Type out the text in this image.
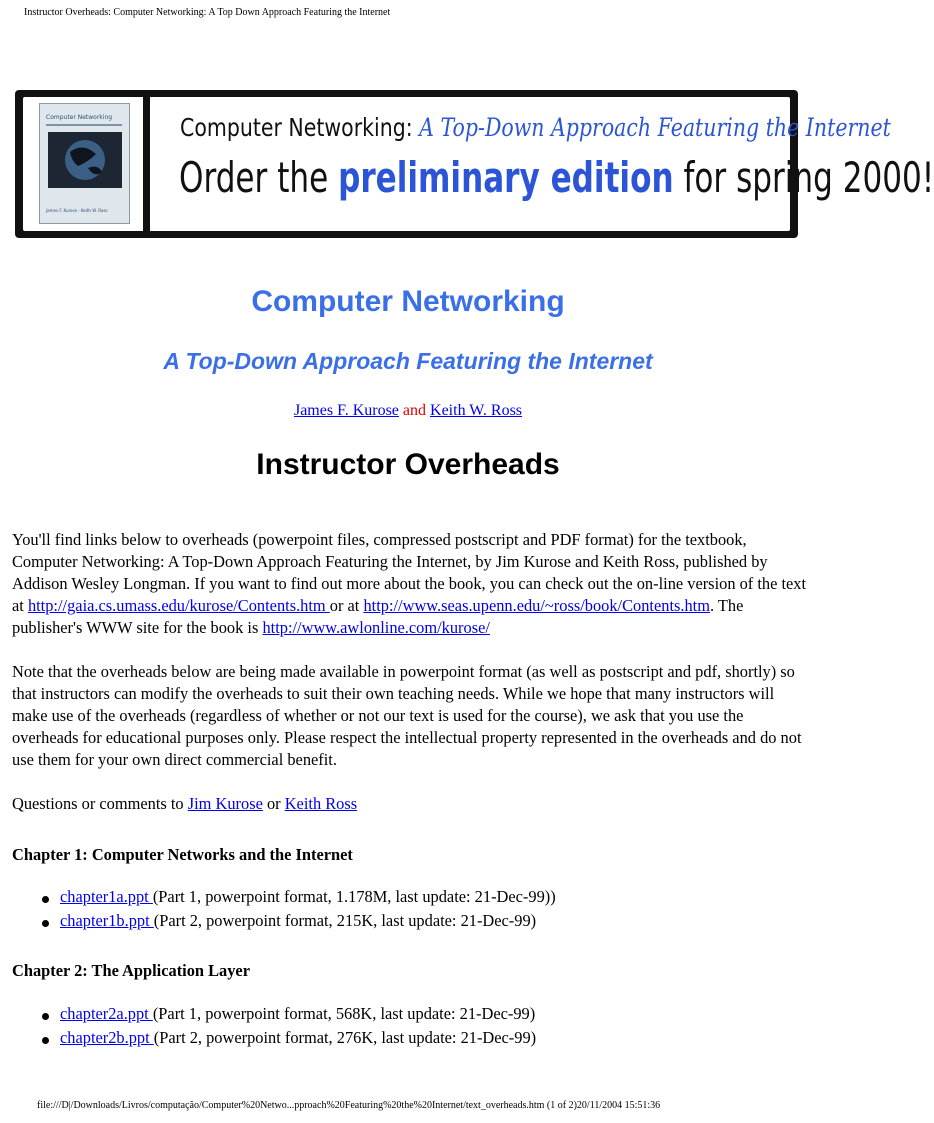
Instructor Overheads: Computer Networking: A Top Down Approach Featuring the Internet
Computer Networking
James F. Kurose · Keith W. Ross
Computer Networking: A Top-Down Approach Featuring the Internet
Order the preliminary edition for spring 2000!
Computer Networking
A Top-Down Approach Featuring the Internet
James F. Kurose and Keith W. Ross
Instructor Overheads
You'll find links below to overheads (powerpoint files, compressed postscript and PDF format) for the textbook, Computer Networking: A Top-Down Approach Featuring the Internet, by Jim Kurose and Keith Ross, published by Addison Wesley Longman. If you want to find out more about the book, you can check out the on-line version of the text at http://gaia.cs.umass.edu/kurose/Contents.htm or at http://www.seas.upenn.edu/~ross/book/Contents.htm. The publisher's WWW site for the book is http://www.awlonline.com/kurose/
Note that the overheads below are being made available in powerpoint format (as well as postscript and pdf, shortly) so that instructors can modify the overheads to suit their own teaching needs. While we hope that many instructors will make use of the overheads (regardless of whether or not our text is used for the course), we ask that you use the overheads for educational purposes only. Please respect the intellectual property represented in the overheads and do not use them for your own direct commercial benefit.
Questions or comments to Jim Kurose or Keith Ross
Chapter 1: Computer Networks and the Internet
chapter1a.ppt (Part 1, powerpoint format, 1.178M, last update: 21-Dec-99))
chapter1b.ppt (Part 2, powerpoint format, 215K, last update: 21-Dec-99)
Chapter 2: The Application Layer
chapter2a.ppt (Part 1, powerpoint format, 568K, last update: 21-Dec-99)
chapter2b.ppt (Part 2, powerpoint format, 276K, last update: 21-Dec-99)
file:///D|/Downloads/Livros/computação/Computer%20Netwo...pproach%20Featuring%20the%20Internet/text_overheads.htm (1 of 2)20/11/2004 15:51:36
